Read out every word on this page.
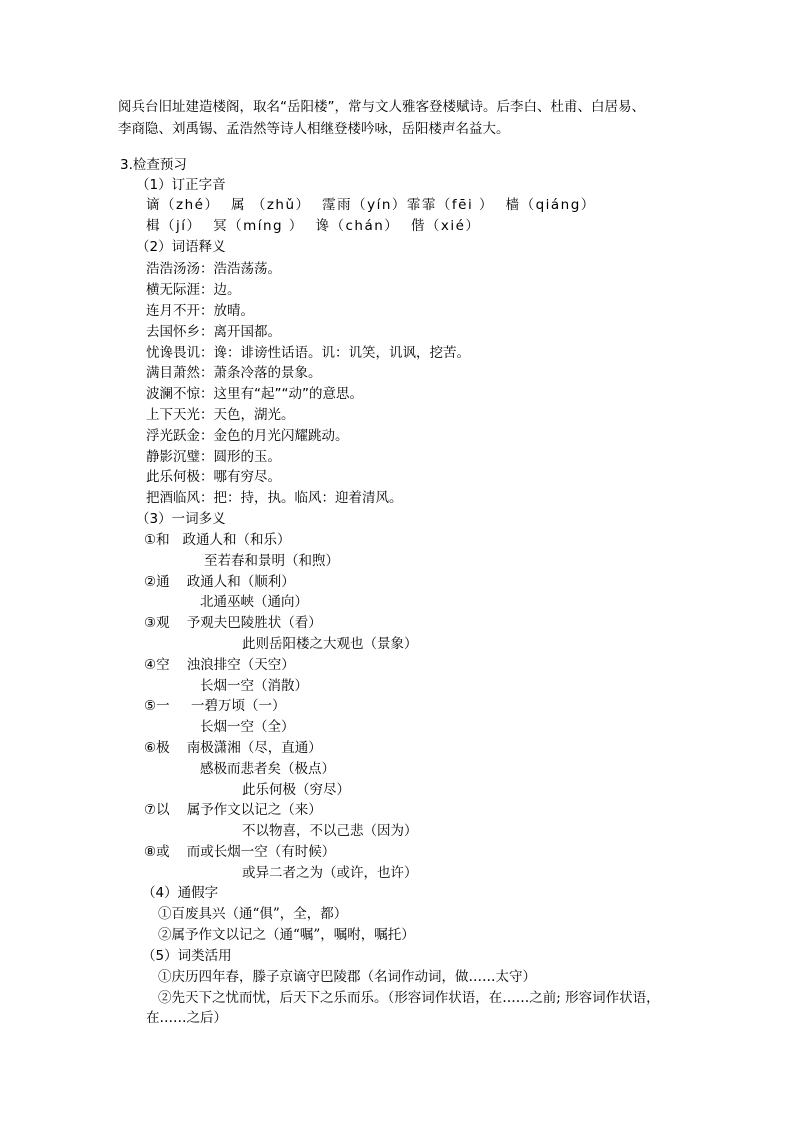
阅兵台旧址建造楼阁，取名“岳阳楼”，常与文人雅客登楼赋诗。后李白、杜甫、白居易、
李商隐、刘禹锡、孟浩然等诗人相继登楼吟咏，岳阳楼声名益大。
3.检查预习
（1）订正字音
谪（zhé）  属 （zhǔ）  霪雨（yín）霏霏（fēi ）  樯（qiáng）
楫（jí）  冥（míng ）  谗（chán）  偕（xié）
（2）词语释义
浩浩汤汤：浩浩荡荡。
横无际涯：边。
连月不开：放晴。
去国怀乡：离开国都。
忧谗畏讥：谗：诽谤性话语。讥：讥笑，讥讽，挖苦。
满目萧然：萧条冷落的景象。
波澜不惊：这里有“起”“动”的意思。
上下天光：天色，湖光。
浮光跃金：金色的月光闪耀跳动。
静影沉璧：圆形的玉。
此乐何极：哪有穷尽。
把酒临风：把：持，执。临风：迎着清风。
（3）一词多义
①和   政通人和（和乐）
至若春和景明（和煦）
②通    政通人和（顺利）
北通巫峡（通向）
③观    予观夫巴陵胜状（看）
此则岳阳楼之大观也（景象）
④空    浊浪排空（天空）
长烟一空（消散）
⑤一     一碧万顷（一）
长烟一空（全）
⑥极    南极潇湘（尽，直通）
感极而悲者矣（极点）
此乐何极（穷尽）
⑦以    属予作文以记之（来）
不以物喜，不以己悲（因为）
⑧或    而或长烟一空（有时候）
或异二者之为（或许，也许）
（4）通假字
①百废具兴（通“俱”，全，都）
②属予作文以记之（通“嘱”，嘱咐，嘱托）
（5）词类活用
①庆历四年春，滕子京谪守巴陵郡（名词作动词，做……太守）
②先天下之忧而忧，后天下之乐而乐。（形容词作状语，在……之前; 形容词作状语，
在……之后）
